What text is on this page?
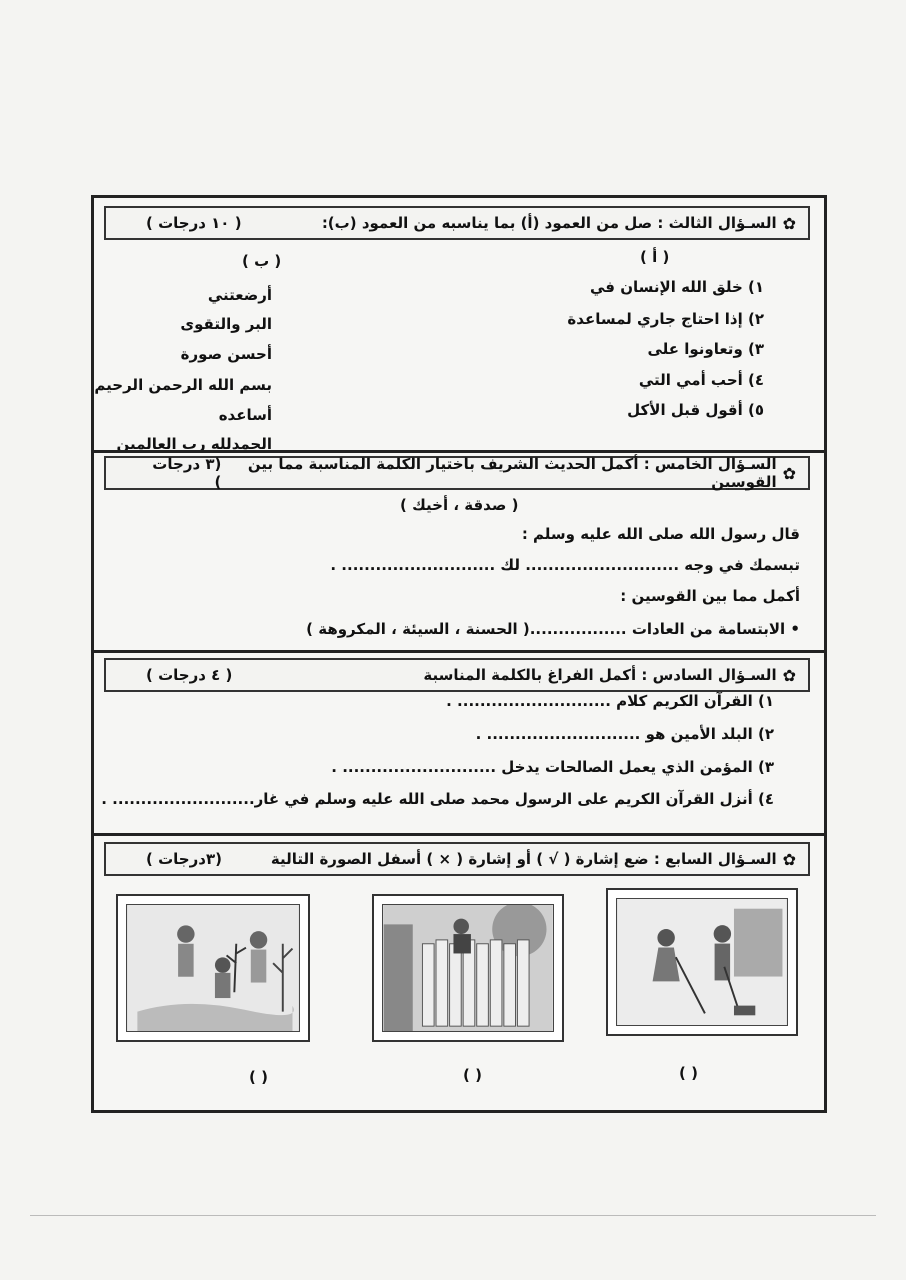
✿
السـؤال الثالث : صل من العمود (أ) بما يناسبه من العمود (ب):
( ١٠ درجات )
( أ )
( ب )
١) خلق الله الإنسان في
٢) إذا احتاج جاري لمساعدة
٣) وتعاونوا على
٤) أحب أمي التي
٥) أقول قبل الأكل
أرضعتني
البر والتقوى
أحسن صورة
بسم الله الرحمن الرحيم
أساعده
الحمدلله رب العالمين
✿
السـؤال الخامس : أكمل الحديث الشريف باختيار الكلمة المناسبة مما بين القوسين
(٣ درجات )
( صدقة ، أخيك )
قال رسول الله صلى الله عليه وسلم :
تبسمك في وجه ........................... لك ........................... .
أكمل مما بين القوسين :
• الابتسامة من العادات .................( الحسنة ، السيئة ، المكروهة )
✿
السـؤال السادس : أكمل الفراغ بالكلمة المناسبة
( ٤ درجات )
١) القرآن الكريم كلام ........................... .
٢) البلد الأمين هو ........................... .
٣) المؤمن الذي يعمل الصالحات يدخل ........................... .
٤) أنزل القرآن الكريم على الرسول محمد صلى الله عليه وسلم في غار......................... .
✿
السـؤال السابع : ضع إشارة ( √ ) أو إشارة ( × ) أسفل الصورة التالية
(٣درجات )
( )	( )	( )
